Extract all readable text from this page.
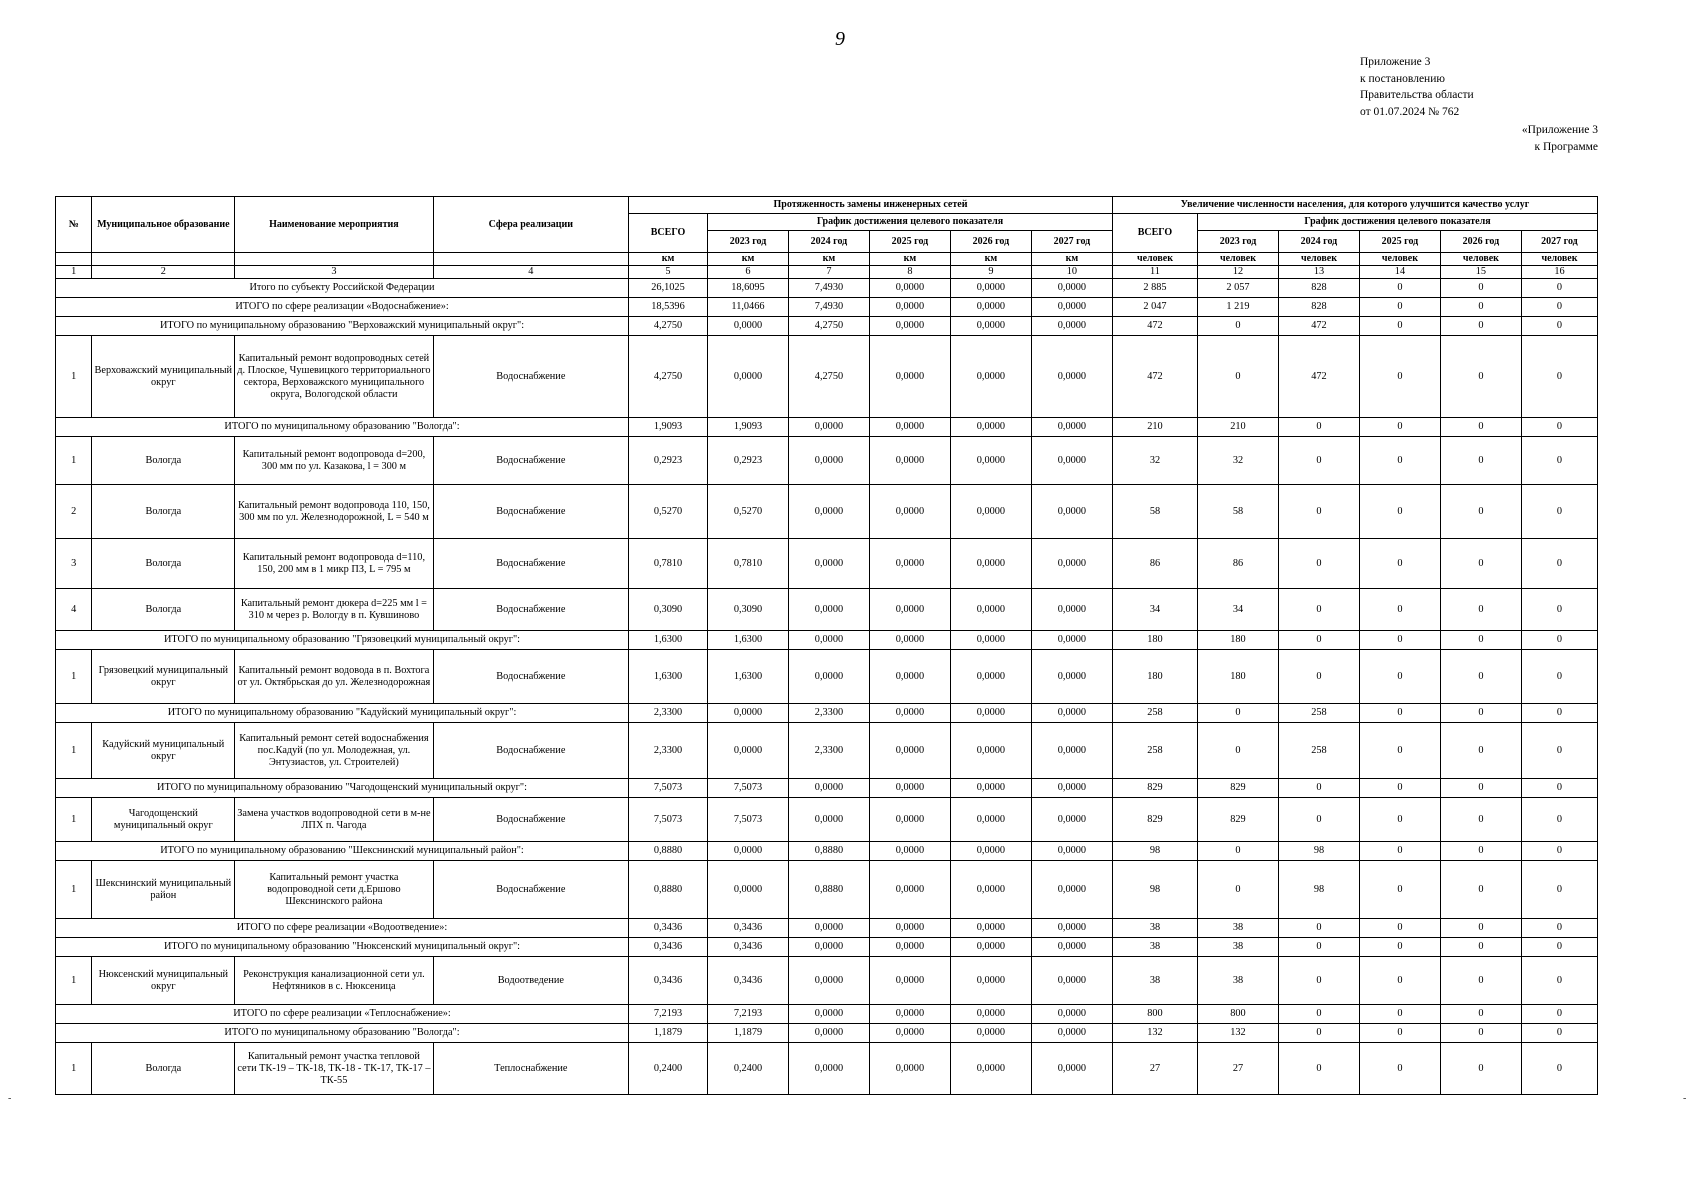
9
Приложение 3
к постановлению
Правительства области
от 01.07.2024 № 762
«Приложение 3
к Программе
№	Муниципальное образование	Наименование мероприятия	Сфера реализации	Протяженность замены инженерных сетей						Увеличение численности населения, для которого улучшится качество услуг					
				ВСЕГО	График достижения целевого показателя					ВСЕГО	График достижения целевого показателя				
					2023 год	2024 год	2025 год	2026 год	2027 год		2023 год	2024 год	2025 год	2026 год	2027 год
				км	км	км	км	км	км	человек	человек	человек	человек	человек	человек
1	2	3	4	5	6	7	8	9	10	11	12	13	14	15	16
Итого по субъекту Российской Федерации				26,1025	18,6095	7,4930	0,0000	0,0000	0,0000	2 885	2 057	828	0	0	0
ИТОГО по сфере реализации «Водоснабжение»:				18,5396	11,0466	7,4930	0,0000	0,0000	0,0000	2 047	1 219	828	0	0	0
ИТОГО по муниципальному образованию "Верховажский муниципальный округ":				4,2750	0,0000	4,2750	0,0000	0,0000	0,0000	472	0	472	0	0	0
1	Верховажский муниципальный округ	Капитальный ремонт водопроводных сетей д. Плоское, Чушевицкого территориального сектора, Верховажского муниципального округа, Вологодской области	Водоснабжение	4,2750	0,0000	4,2750	0,0000	0,0000	0,0000	472	0	472	0	0	0
ИТОГО по муниципальному образованию "Вологда":				1,9093	1,9093	0,0000	0,0000	0,0000	0,0000	210	210	0	0	0	0
1	Вологда	Капитальный ремонт водопровода d=200, 300 мм по ул. Казакова, l = 300 м	Водоснабжение	0,2923	0,2923	0,0000	0,0000	0,0000	0,0000	32	32	0	0	0	0
2	Вологда	Капитальный ремонт водопровода 110, 150, 300 мм по ул. Железнодорожной, L = 540 м	Водоснабжение	0,5270	0,5270	0,0000	0,0000	0,0000	0,0000	58	58	0	0	0	0
3	Вологда	Капитальный ремонт водопровода d=110, 150, 200 мм в 1 микр ПЗ, L = 795 м	Водоснабжение	0,7810	0,7810	0,0000	0,0000	0,0000	0,0000	86	86	0	0	0	0
4	Вологда	Капитальный ремонт дюкера d=225 мм l = 310 м через р. Вологду в п. Кувшиново	Водоснабжение	0,3090	0,3090	0,0000	0,0000	0,0000	0,0000	34	34	0	0	0	0
ИТОГО по муниципальному образованию "Грязовецкий муниципальный округ":				1,6300	1,6300	0,0000	0,0000	0,0000	0,0000	180	180	0	0	0	0
1	Грязовецкий муниципальный округ	Капитальный ремонт водовода в п. Вохтога от ул. Октябрьская до ул. Железнодорожная	Водоснабжение	1,6300	1,6300	0,0000	0,0000	0,0000	0,0000	180	180	0	0	0	0
ИТОГО по муниципальному образованию "Кадуйский муниципальный округ":				2,3300	0,0000	2,3300	0,0000	0,0000	0,0000	258	0	258	0	0	0
1	Кадуйский муниципальный округ	Капитальный ремонт сетей водоснабжения пос.Кадуй (по ул. Молодежная, ул. Энтузиастов, ул. Строителей)	Водоснабжение	2,3300	0,0000	2,3300	0,0000	0,0000	0,0000	258	0	258	0	0	0
ИТОГО по муниципальному образованию "Чагодощенский муниципальный округ":				7,5073	7,5073	0,0000	0,0000	0,0000	0,0000	829	829	0	0	0	0
1	Чагодощенский муниципальный округ	Замена участков водопроводной сети в м-не ЛПХ п. Чагода	Водоснабжение	7,5073	7,5073	0,0000	0,0000	0,0000	0,0000	829	829	0	0	0	0
ИТОГО по муниципальному образованию "Шекснинский муниципальный район":				0,8880	0,0000	0,8880	0,0000	0,0000	0,0000	98	0	98	0	0	0
1	Шекснинский муниципальный район	Капитальный ремонт участка водопроводной сети д.Ершово Шекснинского района	Водоснабжение	0,8880	0,0000	0,8880	0,0000	0,0000	0,0000	98	0	98	0	0	0
ИТОГО по сфере реализации «Водоотведение»:				0,3436	0,3436	0,0000	0,0000	0,0000	0,0000	38	38	0	0	0	0
ИТОГО по муниципальному образованию "Нюксенский муниципальный округ":				0,3436	0,3436	0,0000	0,0000	0,0000	0,0000	38	38	0	0	0	0
1	Нюксенский муниципальный округ	Реконструкция канализационной сети ул. Нефтяников в с. Нюксеница	Водоотведение	0,3436	0,3436	0,0000	0,0000	0,0000	0,0000	38	38	0	0	0	0
ИТОГО по сфере реализации «Теплоснабжение»:				7,2193	7,2193	0,0000	0,0000	0,0000	0,0000	800	800	0	0	0	0
ИТОГО по муниципальному образованию "Вологда":				1,1879	1,1879	0,0000	0,0000	0,0000	0,0000	132	132	0	0	0	0
1	Вологда	Капитальный ремонт участка тепловой сети ТК-19 – ТК-18, ТК-18 - ТК-17, ТК-17 – ТК-55	Теплоснабжение	0,2400	0,2400	0,0000	0,0000	0,0000	0,0000	27	27	0	0	0	0
-	-
